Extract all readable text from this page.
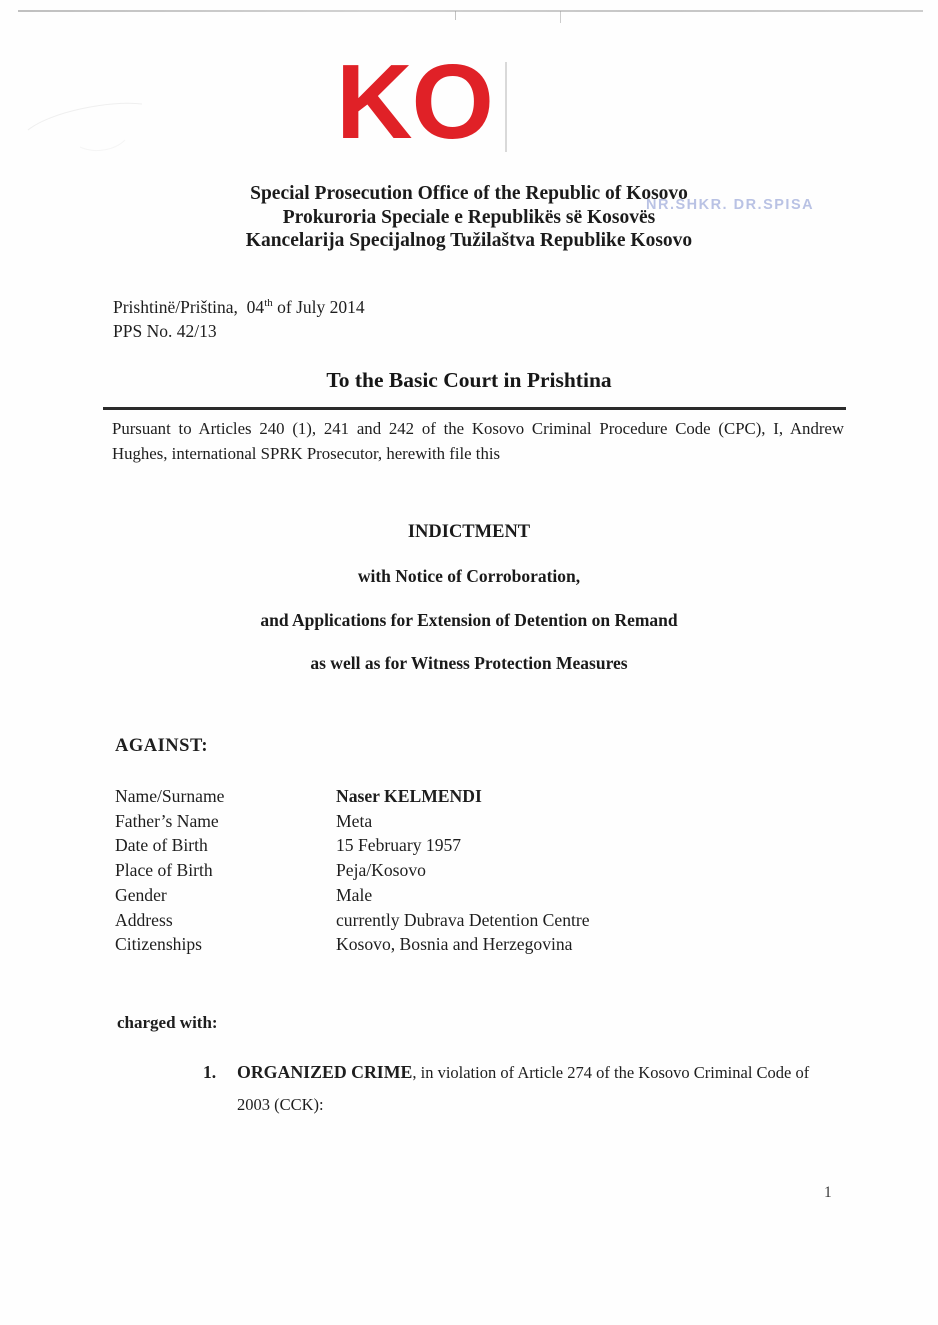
KO
Special Prosecution Office of the Republic of Kosovo
Prokuroria Speciale e Republikës së Kosovës
Kancelarija Specijalnog Tužilaštva Republike Kosovo
NR.SHKR. DR.SPISA
Prishtinë/Priština,  04th of July 2014
PPS No. 42/13
To the Basic Court in Prishtina
Pursuant to Articles 240 (1), 241 and 242 of the Kosovo Criminal Procedure Code (CPC), I, Andrew Hughes, international SPRK Prosecutor, herewith file this
INDICTMENT
with Notice of Corroboration,
and Applications for Extension of Detention on Remand
as well as for Witness Protection Measures
AGAINST:
Name/Surname	Naser KELMENDI
Father’s Name	Meta
Date of Birth	15 February 1957
Place of Birth	Peja/Kosovo
Gender	Male
Address	currently Dubrava Detention Centre
Citizenships	Kosovo, Bosnia and Herzegovina
charged with:
1.	ORGANIZED CRIME, in violation of Article 274 of the Kosovo Criminal Code of 2003 (CCK):
1
